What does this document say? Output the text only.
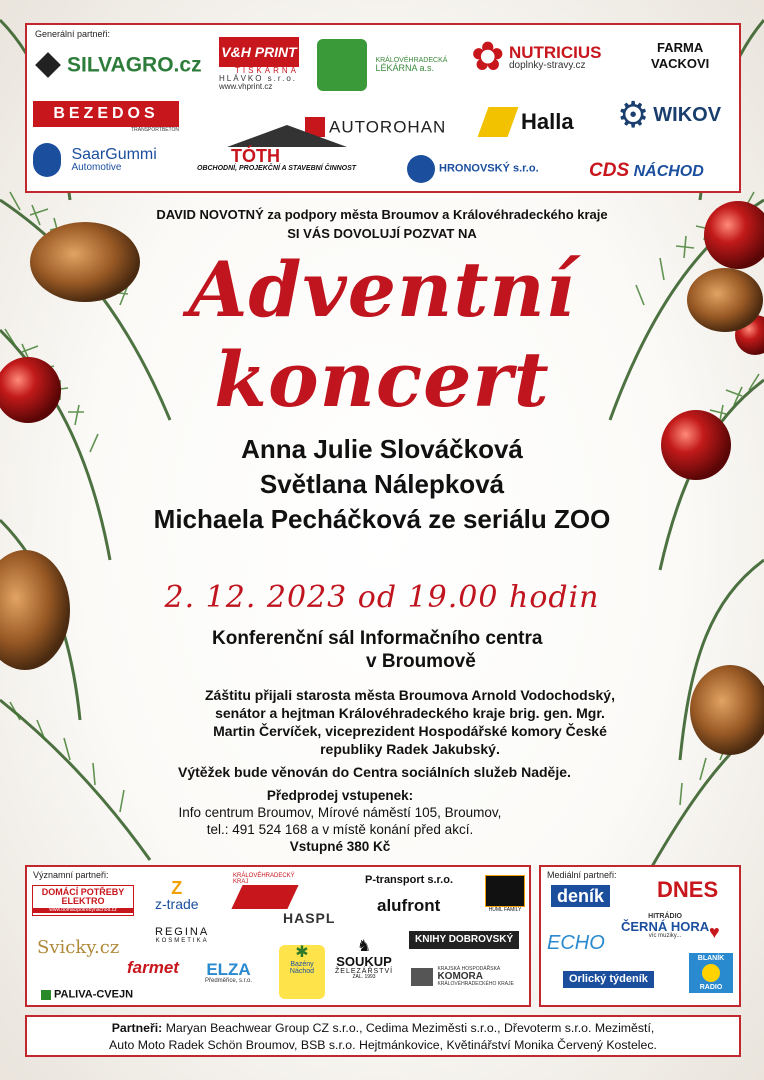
Generální partneři:
SILVAGRO.cz
V&H PRINT
TISKÁRNA
HLÁVKO s.r.o.
www.vhprint.cz

KRÁLOVÉHRADECKÁ
LÉKÁRNA a.s. ✿ NUTRICIUS
doplnky-stravy.cz
FARMA
VACKOVI
BEZEDOS
TRANSPORTBETON	AUTOROHAN	Halla ⚙ WIKOV

SaarGummi
Automotive
TÓTH
OBCHODNÍ, PROJEKČNÍ A STAVEBNÍ ČINNOST	HRONOVSKÝ s.r.o.	CDS NÁCHOD
DAVID NOVOTNÝ za podpory města Broumov a Královéhradeckého kraje
SI VÁS DOVOLUJÍ POZVAT NA
Adventní
koncert
Anna Julie Slováčková
Světlana Nálepková
Michaela Pecháčková ze seriálu ZOO
2. 12. 2023 od 19.00 hodin
Konferenční sál Informačního centra
v Broumově
Záštitu přijali starosta města Broumova Arnold Vodochodský,
senátor a hejtman Královéhradeckého kraje brig. gen. Mgr.
Martin Červíček, viceprezident Hospodářské komory České
republiky Radek Jakubský.
Výtěžek bude věnován do Centra sociálních služeb Naděje.
Předprodej vstupenek:
Info centrum Broumov, Mírové náměstí 105, Broumov,
tel.: 491 524 168 a v místě konání před akcí.
Vstupné 380 Kč
Významní partneři:
DOMÁCÍ POTŘEBY
ELEKTRO
www.domacipotrebynachod.cz
Z
z-trade
KRÁLOVÉHRADECKÝ
KRAJ	P-transport s.r.o.
HUML FAMILY
Svicky.cz
REGINA
KOSMETIKA
HASPL
alufront
KNIHY DOBROVSKÝ
farmet ELZA
Předměřice, s.r.o.
✱
Bazény
Náchod
♞
SOUKUP
ŽELEZÁŘSTVÍ
ZAL. 1993

KRAJSKÁ HOSPODÁŘSKÁ
KOMORA
KRÁLOVÉHRADECKÉHO KRAJE
PALIVA-CVEJN
Mediální partneři:
deník DNES
ECHO
HITRÁDIO
ČERNÁ HORA
víc muziky...	♥
Orlický týdeník
BLANÍK
RADIO
Partneři: Maryan Beachwear Group CZ s.r.o., Cedima Meziměsti s.r.o., Dřevoterm s.r.o. Meziměstí,
Auto Moto Radek Schön Broumov, BSB s.r.o. Hejtmánkovice, Květinářství Monika Červený Kostelec.
